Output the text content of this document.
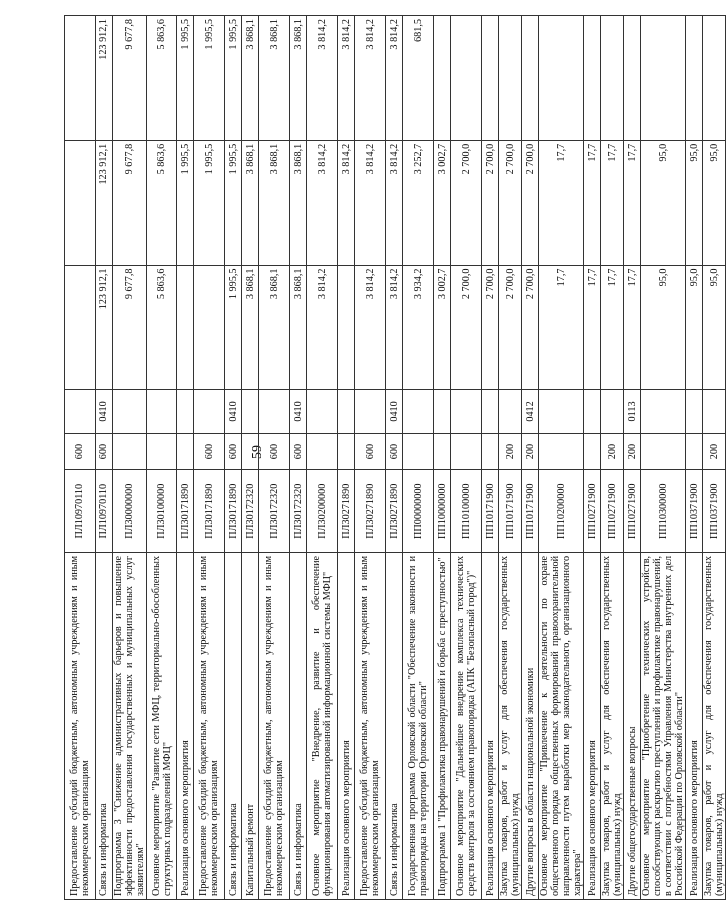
59
·
Предоставление субсидий бюджетным, автономным учреждениям и иным некоммерческим организациям	ПЛ10970110	600				
Связь и информатика	ПЛ10970110	600	0410	123 912,1	123 912,1	123 912,1
Подпрограмма 3 "Снижение административных барьеров и повышение эффективности предоставления государственных и муниципальных услуг заявителям"	ПЛ30000000			9 677,8	9 677,8	9 677,8
Основное мероприятие "Развитие сети МФЦ, территориально-обособленных структурных подразделений МФЦ"	ПЛ30100000			5 863,6	5 863,6	5 863,6
Реализация основного мероприятия	ПЛ30171890				1 995,5	1 995,5
Предоставление субсидий бюджетным, автономным учреждениям и иным некоммерческим организациям	ПЛ30171890	600			1 995,5	1 995,5
Связь и информатика	ПЛ30171890	600	0410	1 995,5	1 995,5	1 995,5
Капитальный ремонт	ПЛ30172320			3 868,1	3 868,1	3 868,1
Предоставление субсидий бюджетным, автономным учреждениям и иным некоммерческим организациям	ПЛ30172320	600		3 868,1	3 868,1	3 868,1
Связь и информатика	ПЛ30172320	600	0410	3 868,1	3 868,1	3 868,1
Основное мероприятие "Внедрение, развитие и обеспечение функционирования автоматизированной информационной системы МФЦ"	ПЛ30200000			3 814,2	3 814,2	3 814,2
Реализация основного мероприятия	ПЛ30271890				3 814,2	3 814,2
Предоставление субсидий бюджетным, автономным учреждениям и иным некоммерческим организациям	ПЛ30271890	600		3 814,2	3 814,2	3 814,2
Связь и информатика	ПЛ30271890	600	0410	3 814,2	3 814,2	3 814,2
Государственная программа Орловской области "Обеспечение законности и правопорядка на территории Орловской области"	ПП00000000			3 934,2	3 252,7	681,5
Подпрограмма 1 "Профилактика правонарушений и борьба с преступностью"	ПП10000000			3 002,7	3 002,7	
Основное мероприятие "Дальнейшее внедрение комплекса технических средств контроля за состоянием правопорядка (АПК "Безопасный город")"	ПП10100000			2 700,0	2 700,0	
Реализация основного мероприятия	ПП10171900			2 700,0	2 700,0	
Закупка товаров, работ и услуг для обеспечения государственных (муниципальных) нужд	ПП10171900	200		2 700,0	2 700,0	
Другие вопросы в области национальной экономики	ПП10171900	200	0412	2 700,0	2 700,0	
Основное мероприятие "Привлечение к деятельности по охране общественного порядка общественных формирований правоохранительной направленности путем выработки мер законодательного, организационного характера"	ПП10200000			17,7	17,7	
Реализация основного мероприятия	ПП10271900			17,7	17,7	
Закупка товаров, работ и услуг для обеспечения государственных (муниципальных) нужд	ПП10271900	200		17,7	17,7	
Другие общегосударственные вопросы	ПП10271900	200	0113	17,7	17,7	
Основное мероприятие "Приобретение технических устройств, способствующих раскрытию преступлений и профилактике правонарушений, в соответствии с потребностями Управления Министерства внутренних дел Российской Федерации по Орловской области"	ПП10300000			95,0	95,0	
Реализация основного мероприятия	ПП10371900			95,0	95,0	
Закупка товаров, работ и услуг для обеспечения государственных (муниципальных) нужд	ПП10371900	200		95,0	95,0	
